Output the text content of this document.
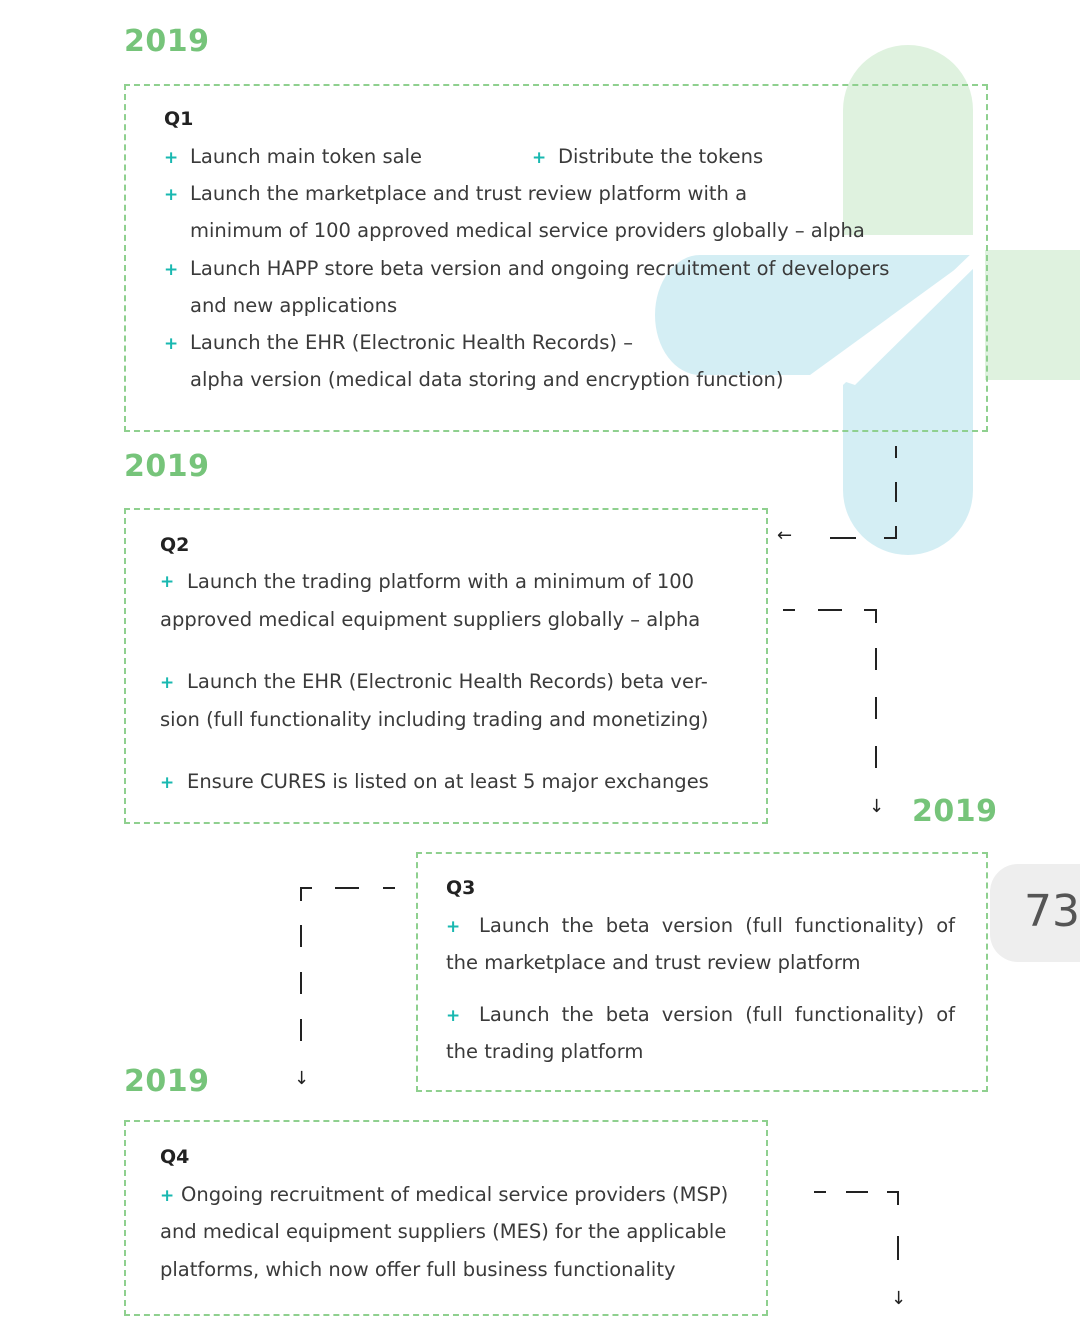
2019
Q1
+ Launch main token sale	+ Distribute the tokens
+ Launch the marketplace and trust review platform with a
minimum of 100 approved medical service providers globally – alpha
+ Launch HAPP store beta version and ongoing recruitment of developers
and new applications
+ Launch the EHR (Electronic Health Records) –
alpha version (medical data storing and encryption function)
←
2019
Q2
+ Launch the trading platform with a minimum of 100
approved medical equipment suppliers globally – alpha
+ Launch the EHR (Electronic Health Records) beta ver-
sion (full functionality including trading and monetizing)
+ Ensure CURES is listed on at least 5 major exchanges
↓ 2019
Q3
+ Launch the beta version (full functionality) of
the marketplace and trust review platform
+ Launch the beta version (full functionality) of
the trading platform
↓
2019
Q4
+ Ongoing recruitment of medical service providers (MSP)
and medical equipment suppliers (MES) for the applicable
platforms, which now offer full business functionality
↓
73
